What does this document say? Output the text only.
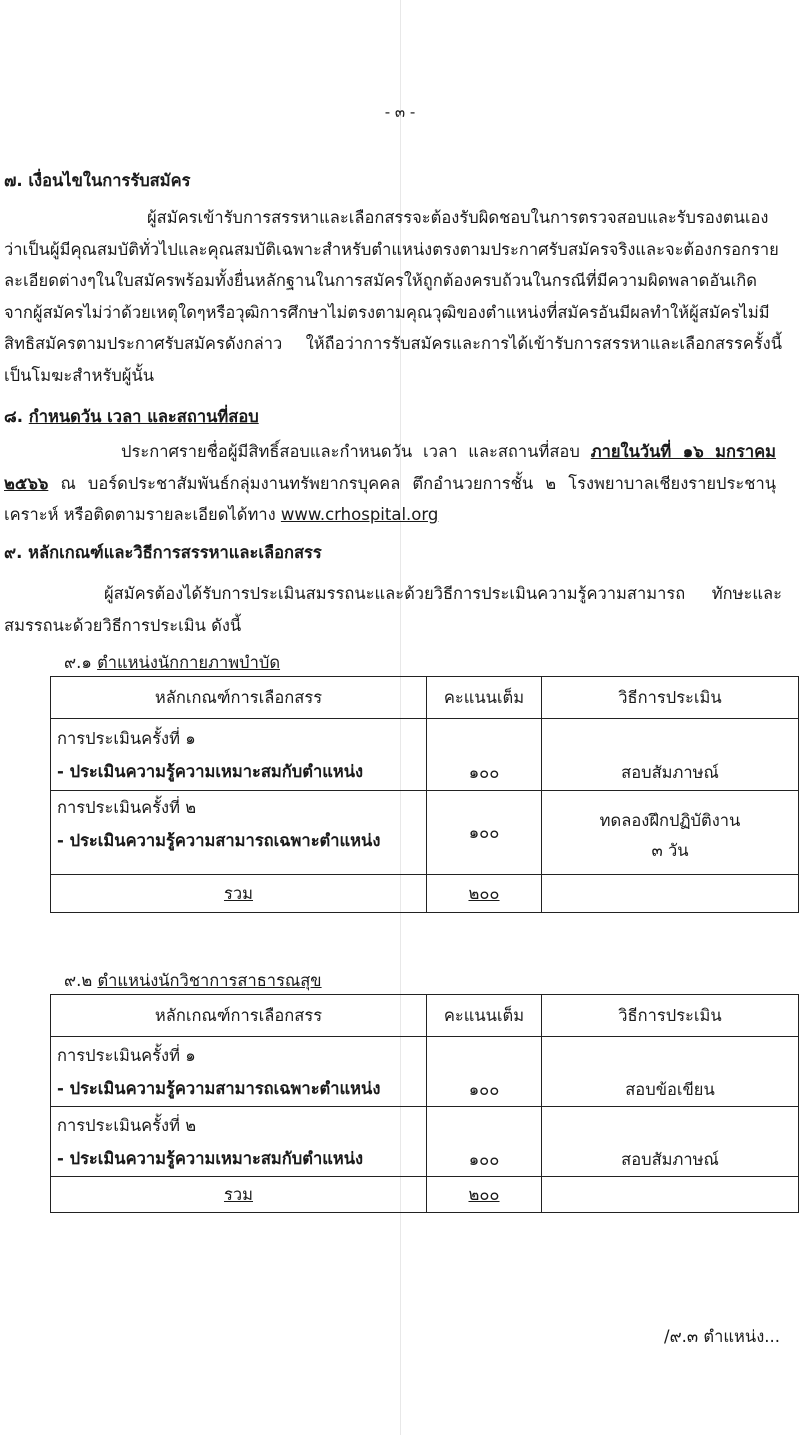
- ๓ -
๗. เงื่อนไขในการรับสมัคร
ผู้สมัครเข้ารับการสรรหาและเลือกสรรจะต้องรับผิดชอบในการตรวจสอบและรับรองตนเองว่าเป็นผู้มีคุณสมบัติทั่วไปและคุณสมบัติเฉพาะสำหรับตำแหน่งตรงตามประกาศรับสมัครจริงและจะต้องกรอกรายละเอียดต่างๆในใบสมัครพร้อมทั้งยื่นหลักฐานในการสมัครให้ถูกต้องครบถ้วนในกรณีที่มีความผิดพลาดอันเกิดจากผู้สมัครไม่ว่าด้วยเหตุใดๆหรือวุฒิการศึกษาไม่ตรงตามคุณวุฒิของตำแหน่งที่สมัครอันมีผลทำให้ผู้สมัครไม่มีสิทธิสมัครตามประกาศรับสมัครดังกล่าว ให้ถือว่าการรับสมัครและการได้เข้ารับการสรรหาและเลือกสรรครั้งนี้เป็นโมฆะสำหรับผู้นั้น
๘. กำหนดวัน เวลา และสถานที่สอบ
ประกาศรายชื่อผู้มีสิทธิ์สอบและกำหนดวัน เวลา และสถานที่สอบ ภายในวันที่ ๑๖ มกราคม ๒๕๖๖ ณ บอร์ดประชาสัมพันธ์กลุ่มงานทรัพยากรบุคคล ตึกอำนวยการชั้น ๒ โรงพยาบาลเชียงรายประชานุเคราะห์ หรือติดตามรายละเอียดได้ทาง www.crhospital.org
๙. หลักเกณฑ์และวิธีการสรรหาและเลือกสรร
ผู้สมัครต้องได้รับการประเมินสมรรถนะและด้วยวิธีการประเมินความรู้ความสามารถ ทักษะและสมรรถนะด้วยวิธีการประเมิน ดังนี้
๙.๑ ตำแหน่งนักกายภาพบำบัด
หลักเกณฑ์การเลือกสรร	คะแนนเต็ม	วิธีการประเมิน

การประเมินครั้งที่ ๑
- ประเมินความรู้ความเหมาะสมกับตำแหน่ง	๑๐๐	สอบสัมภาษณ์

การประเมินครั้งที่ ๒
- ประเมินความรู้ความสามารถเฉพาะตำแหน่ง	๑๐๐	ทดลองฝึกปฏิบัติงาน
๓ วัน

รวม	๒๐๐	
๙.๒ ตำแหน่งนักวิชาการสาธารณสุข
หลักเกณฑ์การเลือกสรร	คะแนนเต็ม	วิธีการประเมิน

การประเมินครั้งที่ ๑
- ประเมินความรู้ความสามารถเฉพาะตำแหน่ง	๑๐๐	สอบข้อเขียน

การประเมินครั้งที่ ๒
- ประเมินความรู้ความเหมาะสมกับตำแหน่ง	๑๐๐	สอบสัมภาษณ์
รวม	๒๐๐	
/๙.๓ ตำแหน่ง...
